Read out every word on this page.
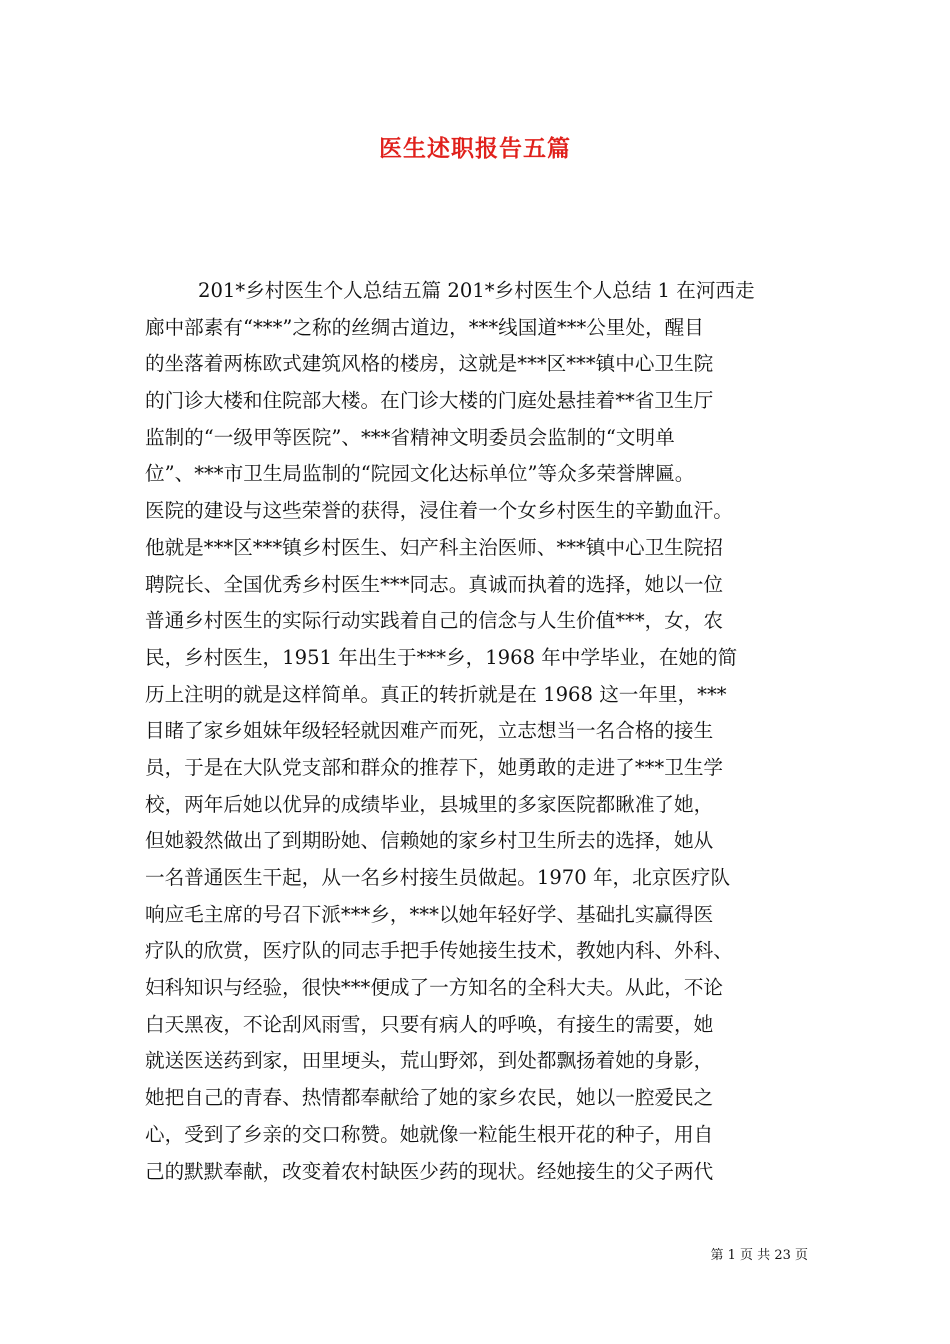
医生述职报告五篇
201*乡村医生个人总结五篇 201*乡村医生个人总结 1 在河西走
廊中部素有“***”之称的丝绸古道边，***线国道***公里处，醒目
的坐落着两栋欧式建筑风格的楼房，这就是***区***镇中心卫生院
的门诊大楼和住院部大楼。在门诊大楼的门庭处悬挂着**省卫生厅
监制的“一级甲等医院”、***省精神文明委员会监制的“文明单
位”、***市卫生局监制的“院园文化达标单位”等众多荣誉牌匾。
医院的建设与这些荣誉的获得，浸住着一个女乡村医生的辛勤血汗。
他就是***区***镇乡村医生、妇产科主治医师、***镇中心卫生院招
聘院长、全国优秀乡村医生***同志。真诚而执着的选择，她以一位
普通乡村医生的实际行动实践着自己的信念与人生价值***，女，农
民，乡村医生，1951 年出生于***乡，1968 年中学毕业，在她的简
历上注明的就是这样简单。真正的转折就是在 1968 这一年里，***
目睹了家乡姐妹年级轻轻就因难产而死，立志想当一名合格的接生
员，于是在大队党支部和群众的推荐下，她勇敢的走进了***卫生学
校，两年后她以优异的成绩毕业，县城里的多家医院都瞅准了她，
但她毅然做出了到期盼她、信赖她的家乡村卫生所去的选择，她从
一名普通医生干起，从一名乡村接生员做起。1970 年，北京医疗队
响应毛主席的号召下派***乡，***以她年轻好学、基础扎实赢得医
疗队的欣赏，医疗队的同志手把手传她接生技术，教她内科、外科、
妇科知识与经验，很快***便成了一方知名的全科大夫。从此，不论
白天黑夜，不论刮风雨雪，只要有病人的呼唤，有接生的需要，她
就送医送药到家，田里埂头，荒山野郊，到处都飘扬着她的身影，
她把自己的青春、热情都奉献给了她的家乡农民，她以一腔爱民之
心，受到了乡亲的交口称赞。她就像一粒能生根开花的种子，用自
己的默默奉献，改变着农村缺医少药的现状。经她接生的父子两代
第 1 页 共 23 页
